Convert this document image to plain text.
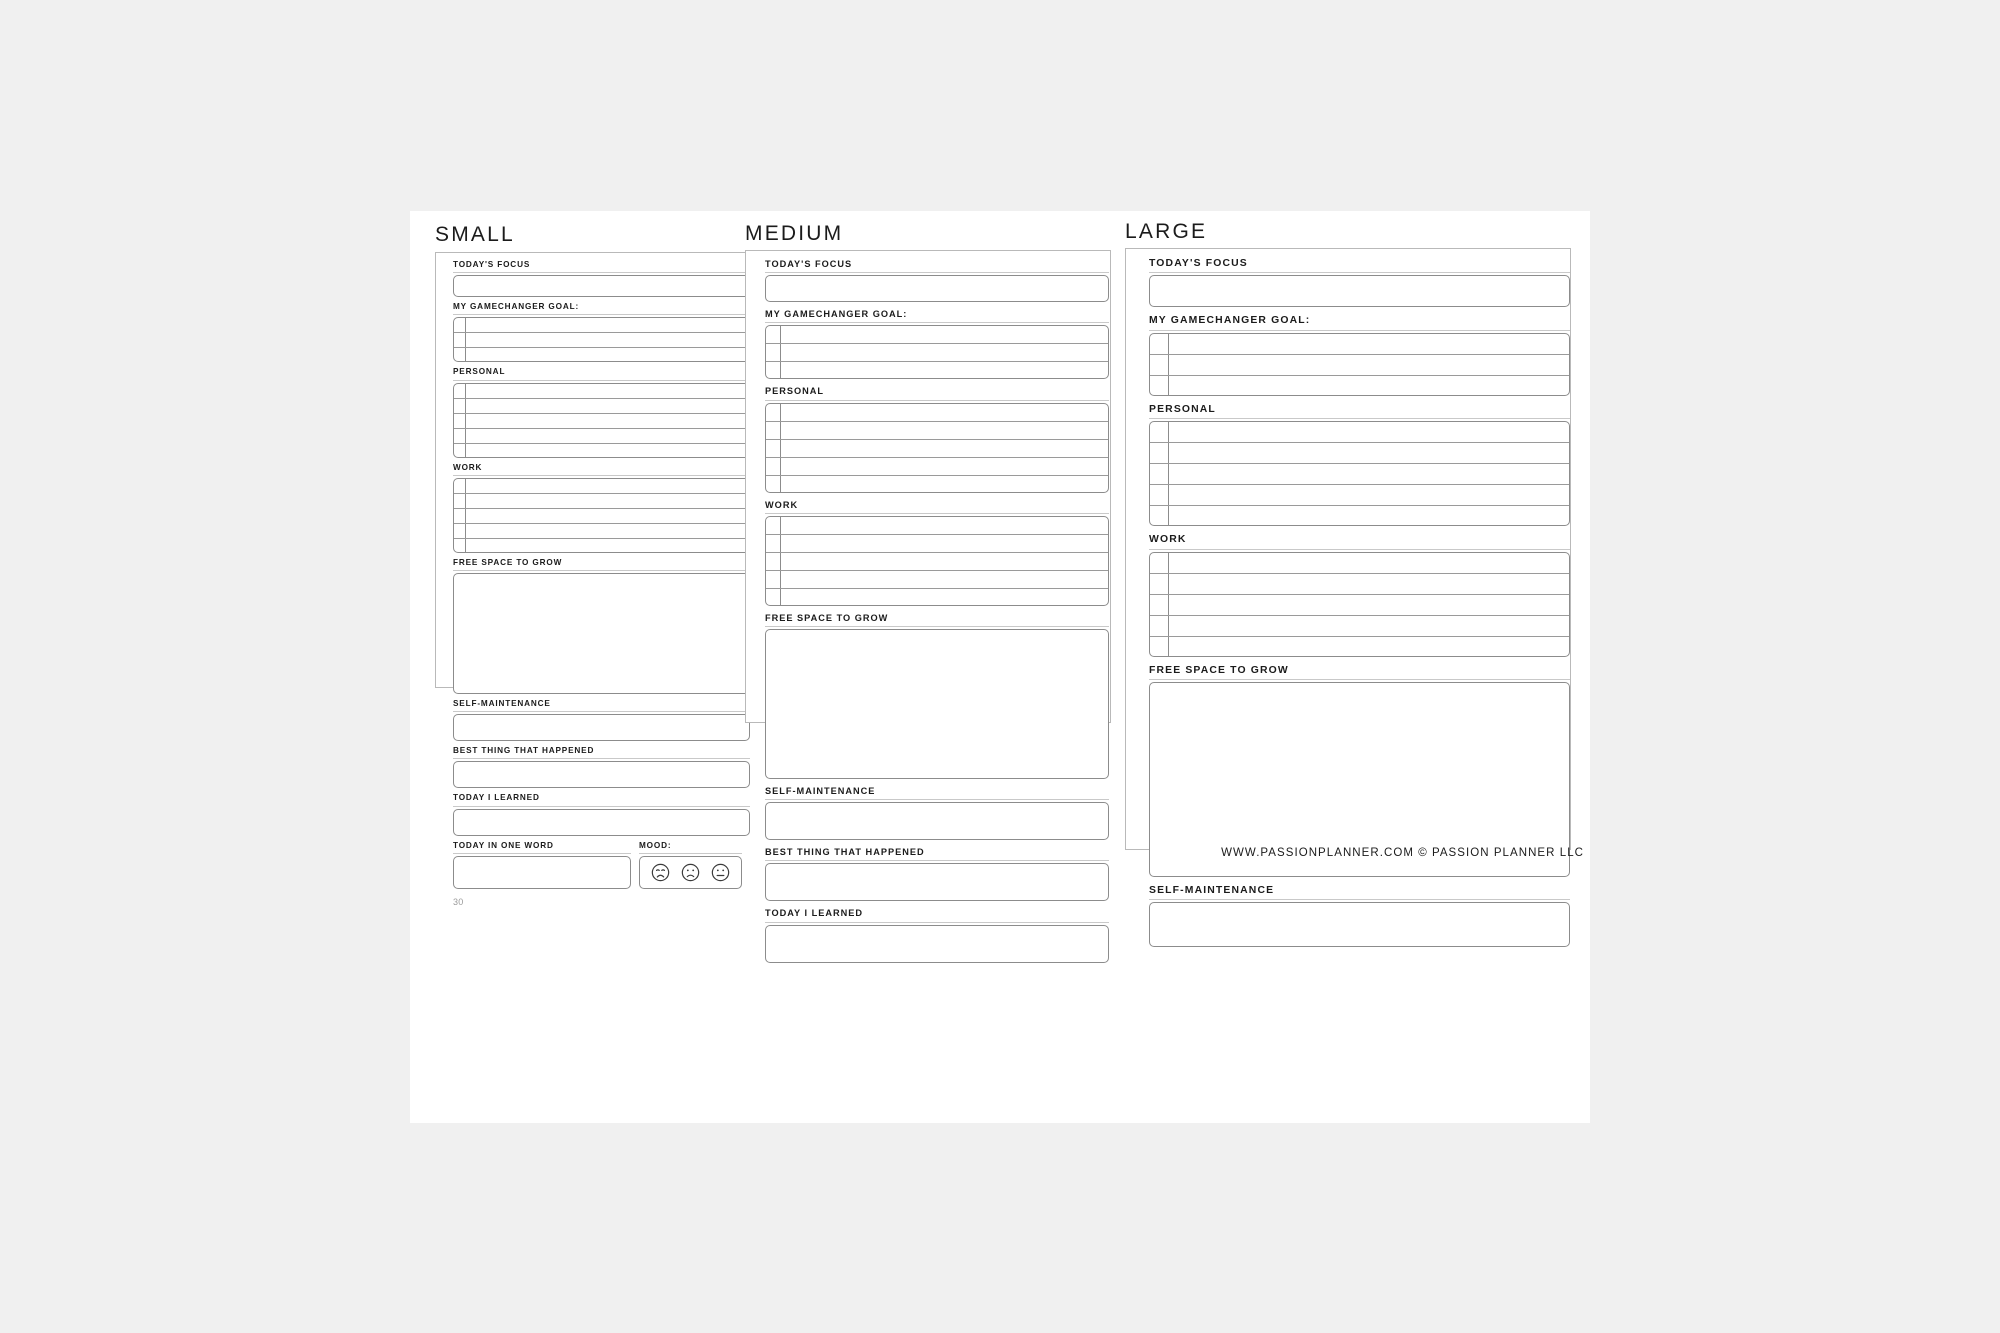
SMALL
TODAY'S FOCUS
MY GAMECHANGER GOAL:
PERSONAL
WORK
FREE SPACE TO GROW
SELF-MAINTENANCE
BEST THING THAT HAPPENED
TODAY I LEARNED
TODAY IN ONE WORD	MOOD:
30
MEDIUM
TODAY'S FOCUS
MY GAMECHANGER GOAL:
PERSONAL
WORK
FREE SPACE TO GROW
SELF-MAINTENANCE
BEST THING THAT HAPPENED
TODAY I LEARNED
LARGE
TODAY'S FOCUS
MY GAMECHANGER GOAL:
PERSONAL
WORK
FREE SPACE TO GROW
SELF-MAINTENANCE
WWW.PASSIONPLANNER.COM © PASSION PLANNER LLC
